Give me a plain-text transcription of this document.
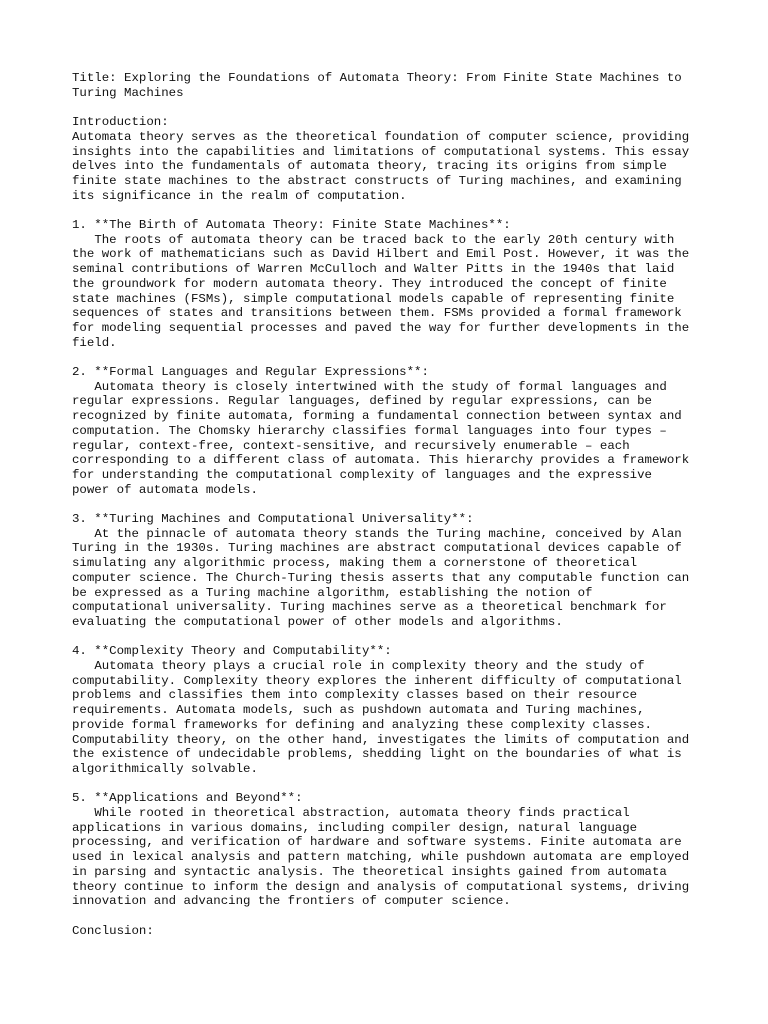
Title: Exploring the Foundations of Automata Theory: From Finite State Machines to
Turing Machines
Introduction:
Automata theory serves as the theoretical foundation of computer science, providing
insights into the capabilities and limitations of computational systems. This essay
delves into the fundamentals of automata theory, tracing its origins from simple
finite state machines to the abstract constructs of Turing machines, and examining
its significance in the realm of computation.
1. **The Birth of Automata Theory: Finite State Machines**:
The roots of automata theory can be traced back to the early 20th century with
the work of mathematicians such as David Hilbert and Emil Post. However, it was the
seminal contributions of Warren McCulloch and Walter Pitts in the 1940s that laid
the groundwork for modern automata theory. They introduced the concept of finite
state machines (FSMs), simple computational models capable of representing finite
sequences of states and transitions between them. FSMs provided a formal framework
for modeling sequential processes and paved the way for further developments in the
field.
2. **Formal Languages and Regular Expressions**:
Automata theory is closely intertwined with the study of formal languages and
regular expressions. Regular languages, defined by regular expressions, can be
recognized by finite automata, forming a fundamental connection between syntax and
computation. The Chomsky hierarchy classifies formal languages into four types –
regular, context-free, context-sensitive, and recursively enumerable – each
corresponding to a different class of automata. This hierarchy provides a framework
for understanding the computational complexity of languages and the expressive
power of automata models.
3. **Turing Machines and Computational Universality**:
At the pinnacle of automata theory stands the Turing machine, conceived by Alan
Turing in the 1930s. Turing machines are abstract computational devices capable of
simulating any algorithmic process, making them a cornerstone of theoretical
computer science. The Church-Turing thesis asserts that any computable function can
be expressed as a Turing machine algorithm, establishing the notion of
computational universality. Turing machines serve as a theoretical benchmark for
evaluating the computational power of other models and algorithms.
4. **Complexity Theory and Computability**:
Automata theory plays a crucial role in complexity theory and the study of
computability. Complexity theory explores the inherent difficulty of computational
problems and classifies them into complexity classes based on their resource
requirements. Automata models, such as pushdown automata and Turing machines,
provide formal frameworks for defining and analyzing these complexity classes.
Computability theory, on the other hand, investigates the limits of computation and
the existence of undecidable problems, shedding light on the boundaries of what is
algorithmically solvable.
5. **Applications and Beyond**:
While rooted in theoretical abstraction, automata theory finds practical
applications in various domains, including compiler design, natural language
processing, and verification of hardware and software systems. Finite automata are
used in lexical analysis and pattern matching, while pushdown automata are employed
in parsing and syntactic analysis. The theoretical insights gained from automata
theory continue to inform the design and analysis of computational systems, driving
innovation and advancing the frontiers of computer science.
Conclusion:
